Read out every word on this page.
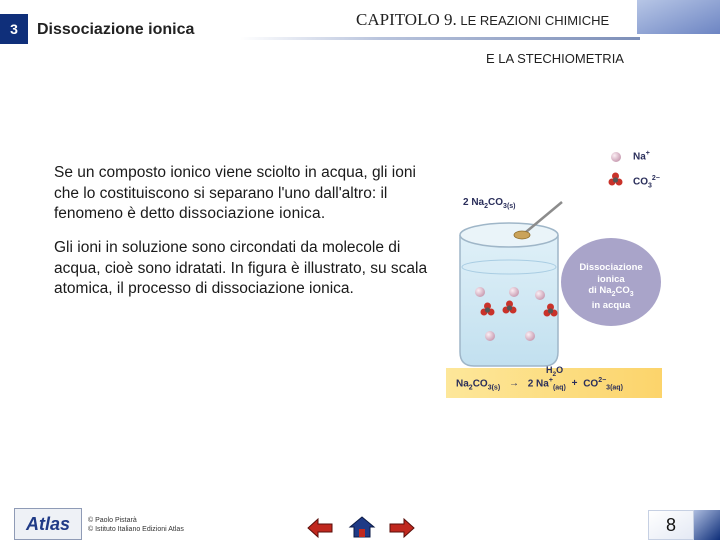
3	Dissociazione ionica
CAPITOLO 9. LE REAZIONI CHIMICHE
E LA STECHIOMETRIA
Se un composto ionico viene sciolto in acqua, gli ioni che lo costituiscono si separano l'uno dall'altro: il fenomeno è detto dissociazione ionica.
Gli ioni in soluzione sono circondati da molecole di acqua, cioè sono idratati. In figura è illustrato, su scala atomica, il processo di dissociazione ionica.
Na+
$CO_3^{2-}$
2 $Na_2CO_{3(s)}$
Dissociazione
ionica
di $Na_2CO_3$
in acqua
$H_2O$
$Na_2CO_{3(s)} \to 2$ $Na^+_{(aq)} + CO^{2-}_{3(aq)}$
Atlas	© Paolo Pistarà
© Istituto Italiano Edizioni Atlas	8
